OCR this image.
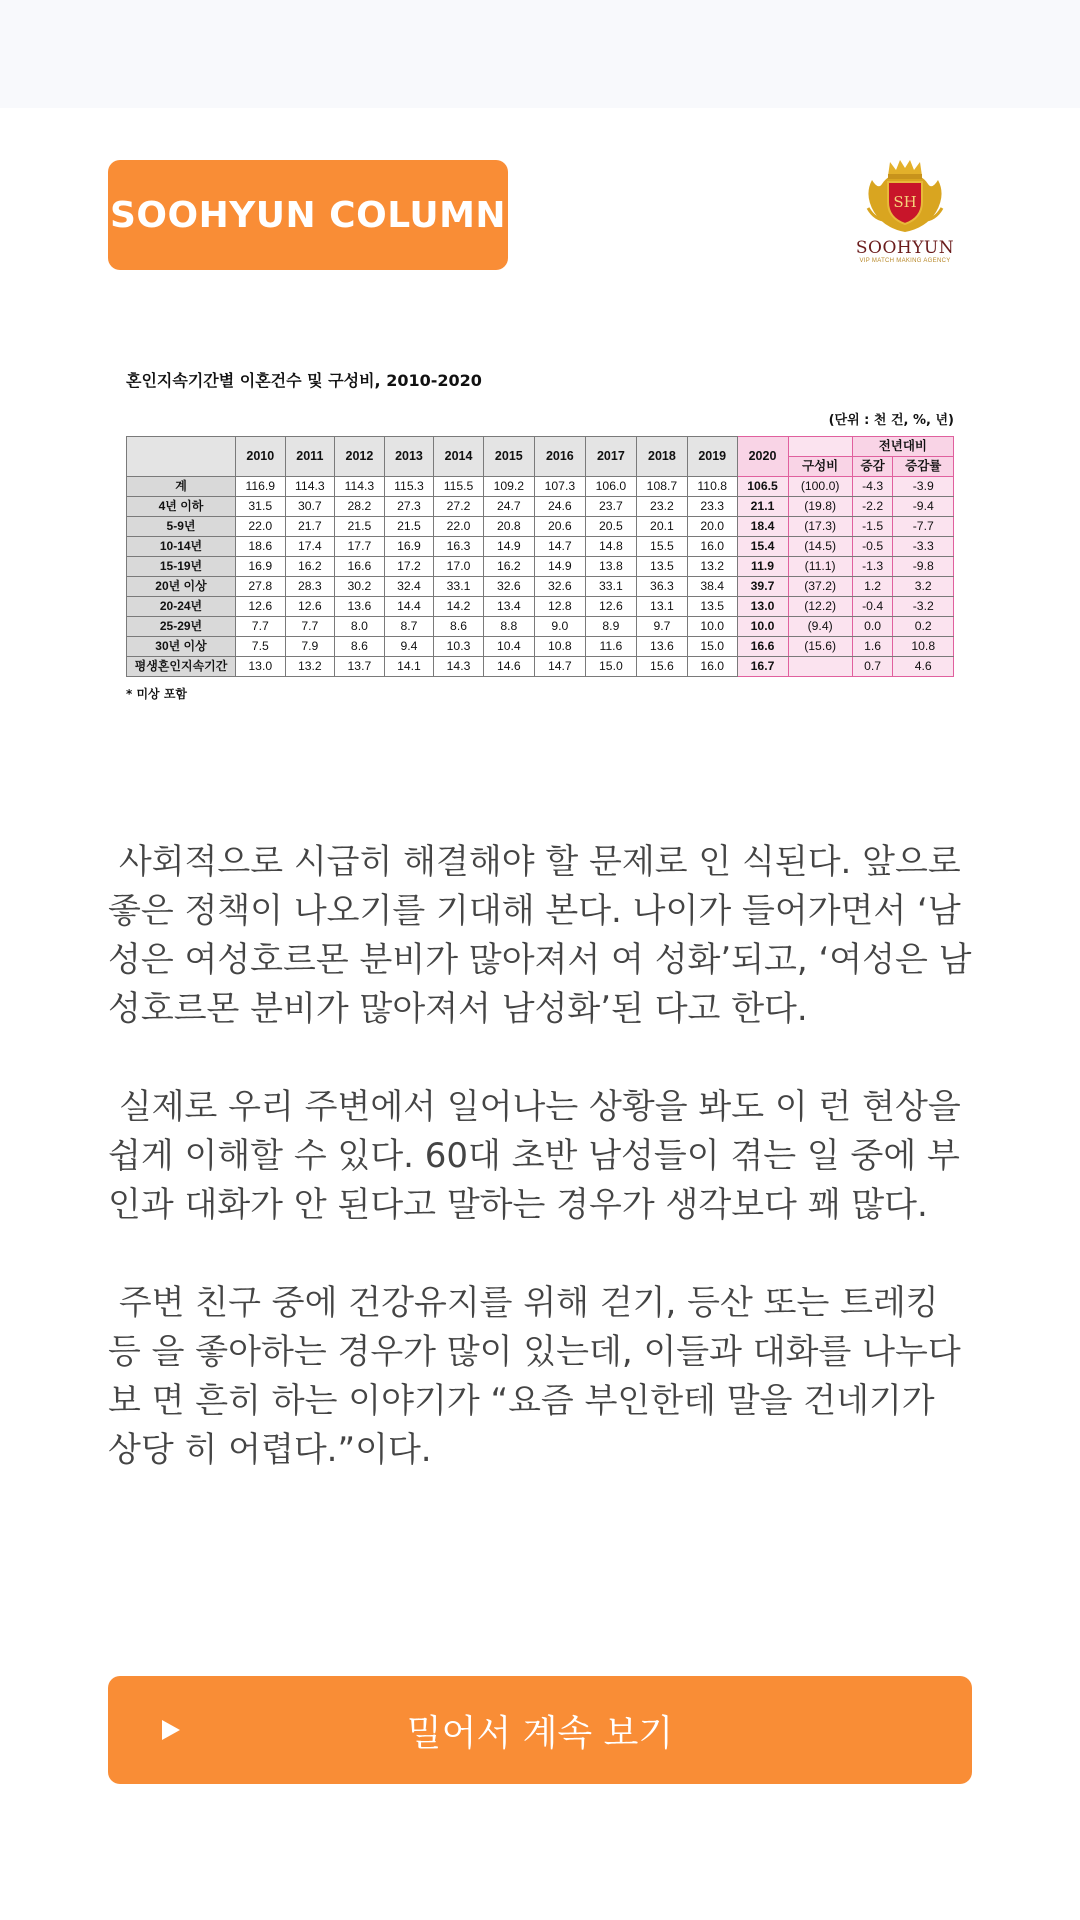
SOOHYUN COLUMN	SH
SOOHYUN
VIP MATCH MAKING AGENCY
혼인지속기간별 이혼건수 및 구성비, 2010-2020
(단위 : 천 건, %, 년)
	2010	2011	2012	2013	2014	2015	2016	2017	2018	2019	2020		전년대비	
												구성비	증감	증감률
계	116.9	114.3	114.3	115.3	115.5	109.2	107.3	106.0	108.7	110.8	106.5	(100.0)	-4.3	-3.9
4년 이하	31.5	30.7	28.2	27.3	27.2	24.7	24.6	23.7	23.2	23.3	21.1	(19.8)	-2.2	-9.4
5-9년	22.0	21.7	21.5	21.5	22.0	20.8	20.6	20.5	20.1	20.0	18.4	(17.3)	-1.5	-7.7
10-14년	18.6	17.4	17.7	16.9	16.3	14.9	14.7	14.8	15.5	16.0	15.4	(14.5)	-0.5	-3.3
15-19년	16.9	16.2	16.6	17.2	17.0	16.2	14.9	13.8	13.5	13.2	11.9	(11.1)	-1.3	-9.8
20년 이상	27.8	28.3	30.2	32.4	33.1	32.6	32.6	33.1	36.3	38.4	39.7	(37.2)	1.2	3.2
20-24년	12.6	12.6	13.6	14.4	14.2	13.4	12.8	12.6	13.1	13.5	13.0	(12.2)	-0.4	-3.2
25-29년	7.7	7.7	8.0	8.7	8.6	8.8	9.0	8.9	9.7	10.0	10.0	(9.4)	0.0	0.2
30년 이상	7.5	7.9	8.6	9.4	10.3	10.4	10.8	11.6	13.6	15.0	16.6	(15.6)	1.6	10.8
평생혼인지속기간	13.0	13.2	13.7	14.1	14.3	14.6	14.7	15.0	15.6	16.0	16.7		0.7	4.6
* 미상 포함

사회적으로 시급히 해결해야 할 문제로 인 식된다. 앞으로 좋은 정책이 나오기를 기대해 본다. 나이가 들어가면서 ‘남성은 여성호르몬 분비가 많아져서 여 성화’되고, ‘여성은 남성호르몬 분비가 많아져서 남성화’된 다고 한다.

실제로 우리 주변에서 일어나는 상황을 봐도 이 런 현상을 쉽게 이해할 수 있다. 60대 초반 남성들이 겪는 일 중에 부인과 대화가 안 된다고 말하는 경우가 생각보다 꽤 많다.

주변 친구 중에 건강유지를 위해 걷기, 등산 또는 트레킹 등 을 좋아하는 경우가 많이 있는데, 이들과 대화를 나누다 보 면 흔히 하는 이야기가 “요즘 부인한테 말을 건네기가 상당 히 어렵다.”이다.

밀어서 계속 보기
